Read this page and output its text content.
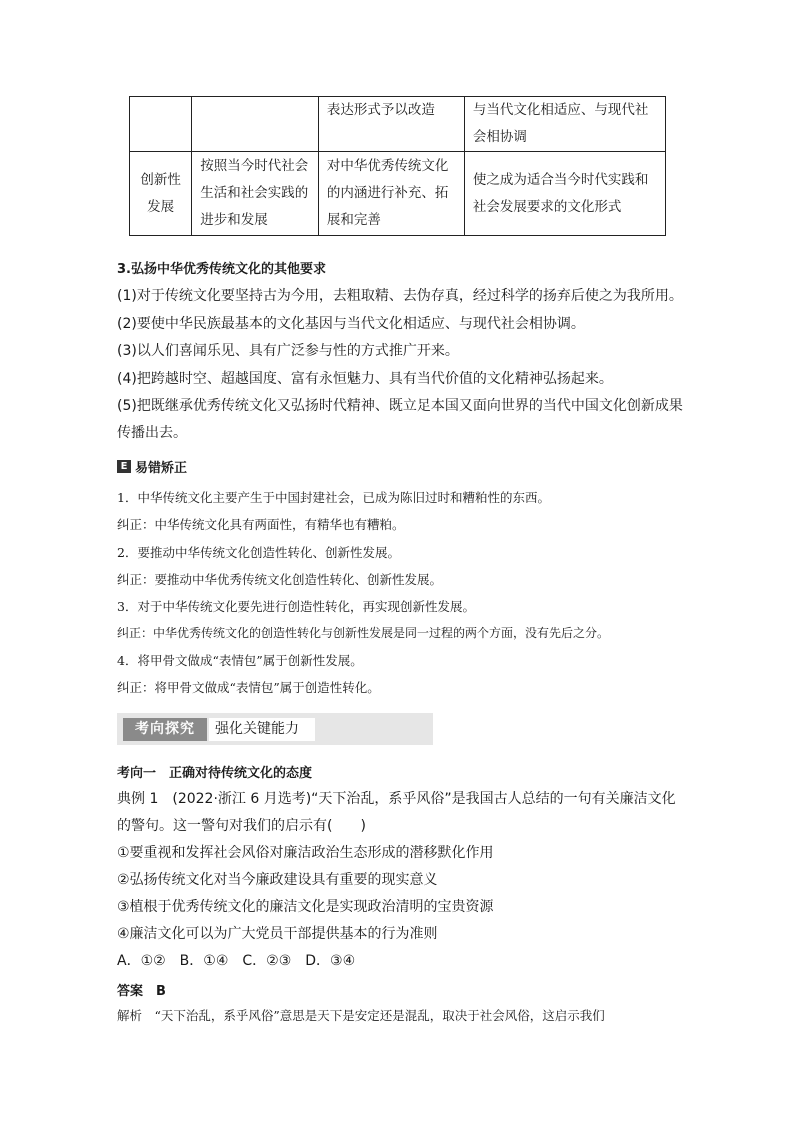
		表达形式予以改造	与当代文化相适应、与现代社会相协调
创新性发展	按照当今时代社会生活和社会实践的进步和发展	对中华优秀传统文化的内涵进行补充、拓展和完善	使之成为适合当今时代实践和社会发展要求的文化形式
3.弘扬中华优秀传统文化的其他要求
(1)对于传统文化要坚持古为今用，去粗取精、去伪存真，经过科学的扬弃后使之为我所用。
(2)要使中华民族最基本的文化基因与当代文化相适应、与现代社会相协调。
(3)以人们喜闻乐见、具有广泛参与性的方式推广开来。
(4)把跨越时空、超越国度、富有永恒魅力、具有当代价值的文化精神弘扬起来。
(5)把既继承优秀传统文化又弘扬时代精神、既立足本国又面向世界的当代中国文化创新成果
传播出去。
E 易错矫正
1．中华传统文化主要产生于中国封建社会，已成为陈旧过时和糟粕性的东西。
纠正：中华传统文化具有两面性，有精华也有糟粕。
2．要推动中华传统文化创造性转化、创新性发展。
纠正：要推动中华优秀传统文化创造性转化、创新性发展。
3．对于中华传统文化要先进行创造性转化，再实现创新性发展。
纠正：中华优秀传统文化的创造性转化与创新性发展是同一过程的两个方面，没有先后之分。
4．将甲骨文做成“表情包”属于创新性发展。
纠正：将甲骨文做成“表情包”属于创造性转化。
考向探究	强化关键能力
考向一　正确对待传统文化的态度
典例 1　(2022·浙江 6 月选考)“天下治乱，系乎风俗”是我国古人总结的一句有关廉洁文化
的警句。这一警句对我们的启示有(　　)
①要重视和发挥社会风俗对廉洁政治生态形成的潜移默化作用
②弘扬传统文化对当今廉政建设具有重要的现实意义
③植根于优秀传统文化的廉洁文化是实现政治清明的宝贵资源
④廉洁文化可以为广大党员干部提供基本的行为准则
A．①②　B．①④　C．②③　D．③④
答案　B
解析　“天下治乱，系乎风俗”意思是天下是安定还是混乱，取决于社会风俗，这启示我们
